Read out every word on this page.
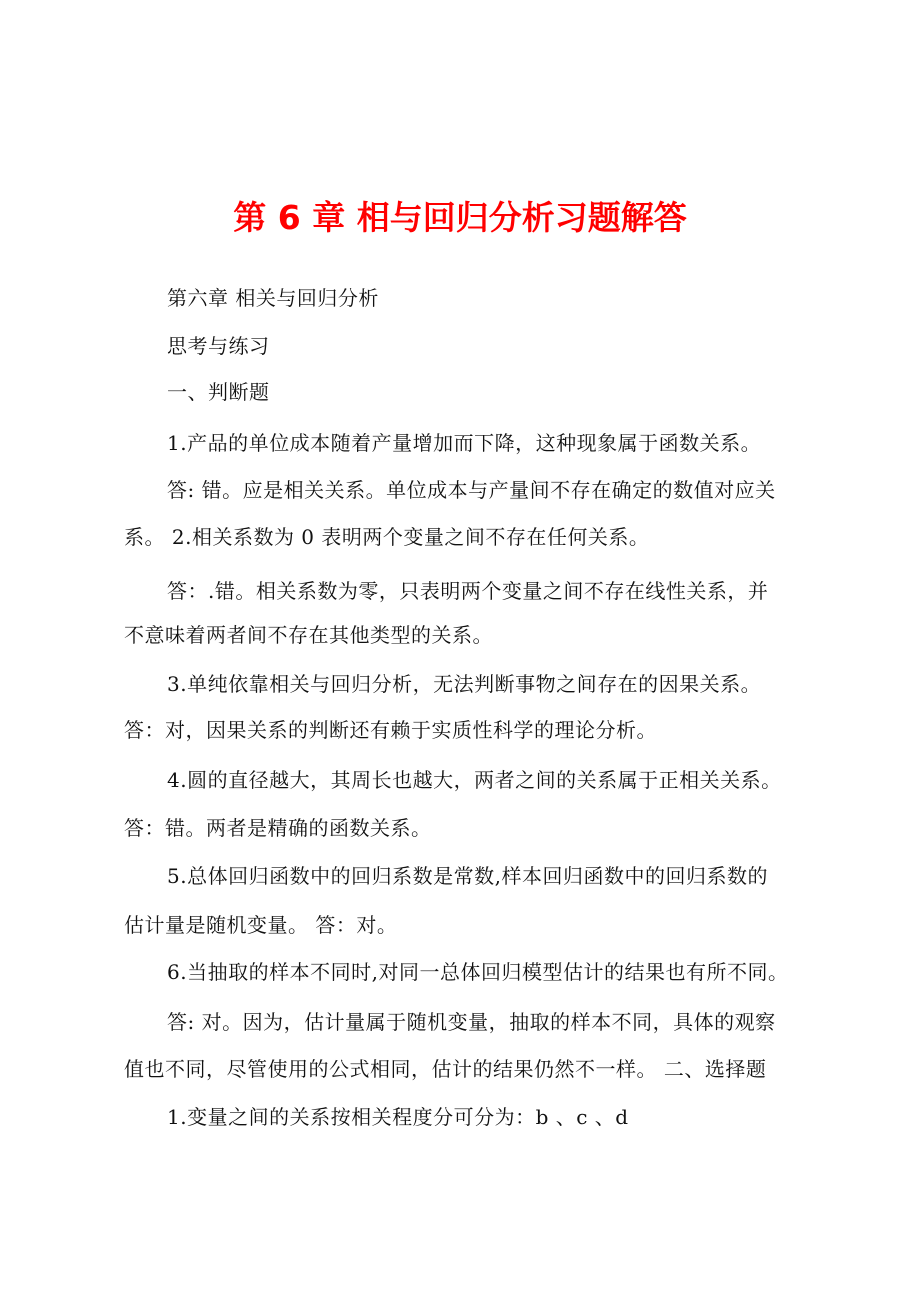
第 6 章 相与回归分析习题解答

第六章 相关与回归分析

思考与练习

一、判断题

1.产品的单位成本随着产量增加而下降，这种现象属于函数关系。

答: 错。应是相关关系。单位成本与产量间不存在确定的数值对应关

系。 2.相关系数为 0 表明两个变量之间不存在任何关系。

答：.错。相关系数为零，只表明两个变量之间不存在线性关系，并

不意味着两者间不存在其他类型的关系。

3.单纯依靠相关与回归分析，无法判断事物之间存在的因果关系。

答：对，因果关系的判断还有赖于实质性科学的理论分析。

4.圆的直径越大，其周长也越大，两者之间的关系属于正相关关系。

答：错。两者是精确的函数关系。

5.总体回归函数中的回归系数是常数,样本回归函数中的回归系数的

估计量是随机变量。 答：对。

6.当抽取的样本不同时,对同一总体回归模型估计的结果也有所不同。

答: 对。因为，估计量属于随机变量，抽取的样本不同，具体的观察

值也不同，尽管使用的公式相同，估计的结果仍然不一样。 二、选择题

1.变量之间的关系按相关程度分可分为：b 、c 、d
